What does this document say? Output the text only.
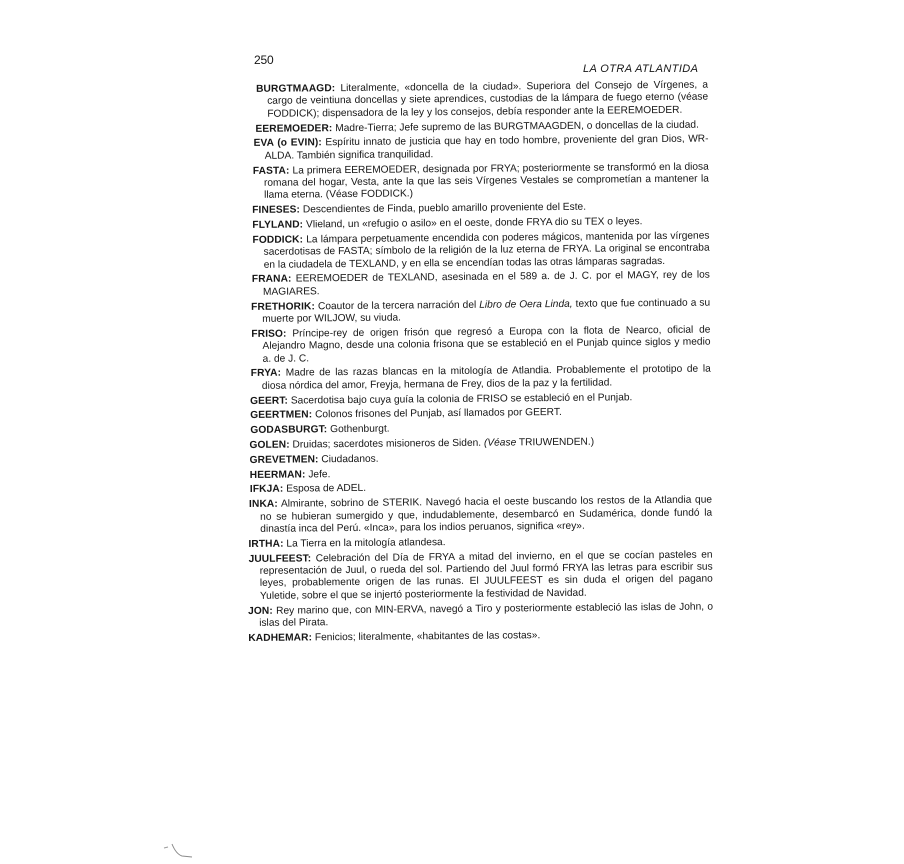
250
LA OTRA ATLANTIDA

BURGTMAAGD: Literalmente, «doncella de la ciudad». Superiora del Consejo de Vírgenes, a cargo de veintiuna doncellas y siete aprendices, custodias de la lámpara de fuego eterno (véase FODDICK); dispensadora de la ley y los consejos, debía responder ante la EEREMOEDER.

EEREMOEDER: Madre-Tierra; Jefe supremo de las BURGTMAAGDEN, o doncellas de la ciudad.

EVA (o EVIN): Espíritu innato de justicia que hay en todo hombre, proveniente del gran Dios, WR-ALDA. También significa tranquilidad.

FASTA: La primera EEREMOEDER, designada por FRYA; posteriormente se transformó en la diosa romana del hogar, Vesta, ante la que las seis Vírgenes Vestales se comprometían a mantener la llama eterna. (Véase FODDICK.)

FINESES: Descendientes de Finda, pueblo amarillo proveniente del Este.

FLYLAND: Vlieland, un «refugio o asilo» en el oeste, donde FRYA dio su TEX o leyes.

FODDICK: La lámpara perpetuamente encendida con poderes mágicos, mantenida por las vírgenes sacerdotisas de FASTA; símbolo de la religión de la luz eterna de FRYA. La original se encontraba en la ciudadela de TEXLAND, y en ella se encendían todas las otras lámparas sagradas.

FRANA: EEREMOEDER de TEXLAND, asesinada en el 589 a. de J. C. por el MAGY, rey de los MAGIARES.

FRETHORIK: Coautor de la tercera narración del Libro de Oera Linda, texto que fue continuado a su muerte por WILJOW, su viuda.

FRISO: Príncipe-rey de origen frisón que regresó a Europa con la flota de Nearco, oficial de Alejandro Magno, desde una colonia frisona que se estableció en el Punjab quince siglos y medio a. de J. C.

FRYA: Madre de las razas blancas en la mitología de Atlandia. Probablemente el prototipo de la diosa nórdica del amor, Freyja, hermana de Frey, dios de la paz y la fertilidad.

GEERT: Sacerdotisa bajo cuya guía la colonia de FRISO se estableció en el Punjab.

GEERTMEN: Colonos frisones del Punjab, así llamados por GEERT.

GODASBURGT: Gothenburgt.

GOLEN: Druidas; sacerdotes misioneros de Siden. (Véase TRIUWENDEN.)

GREVETMEN: Ciudadanos.

HEERMAN: Jefe.

IFKJA: Esposa de ADEL.

INKA: Almirante, sobrino de STERIK. Navegó hacia el oeste buscando los restos de la Atlandia que no se hubieran sumergido y que, indudablemente, desembarcó en Sudamérica, donde fundó la dinastía inca del Perú. «Inca», para los indios peruanos, significa «rey».

IRTHA: La Tierra en la mitología atlandesa.

JUULFEEST: Celebración del Día de FRYA a mitad del invierno, en el que se cocían pasteles en representación de Juul, o rueda del sol. Partiendo del Juul formó FRYA las letras para escribir sus leyes, probablemente origen de las runas. El JUULFEEST es sin duda el origen del pagano Yuletide, sobre el que se injertó posteriormente la festividad de Navidad.

JON: Rey marino que, con MIN-ERVA, navegó a Tiro y posteriormente estableció las islas de John, o islas del Pirata.

KADHEMAR: Fenicios; literalmente, «habitantes de las costas».
